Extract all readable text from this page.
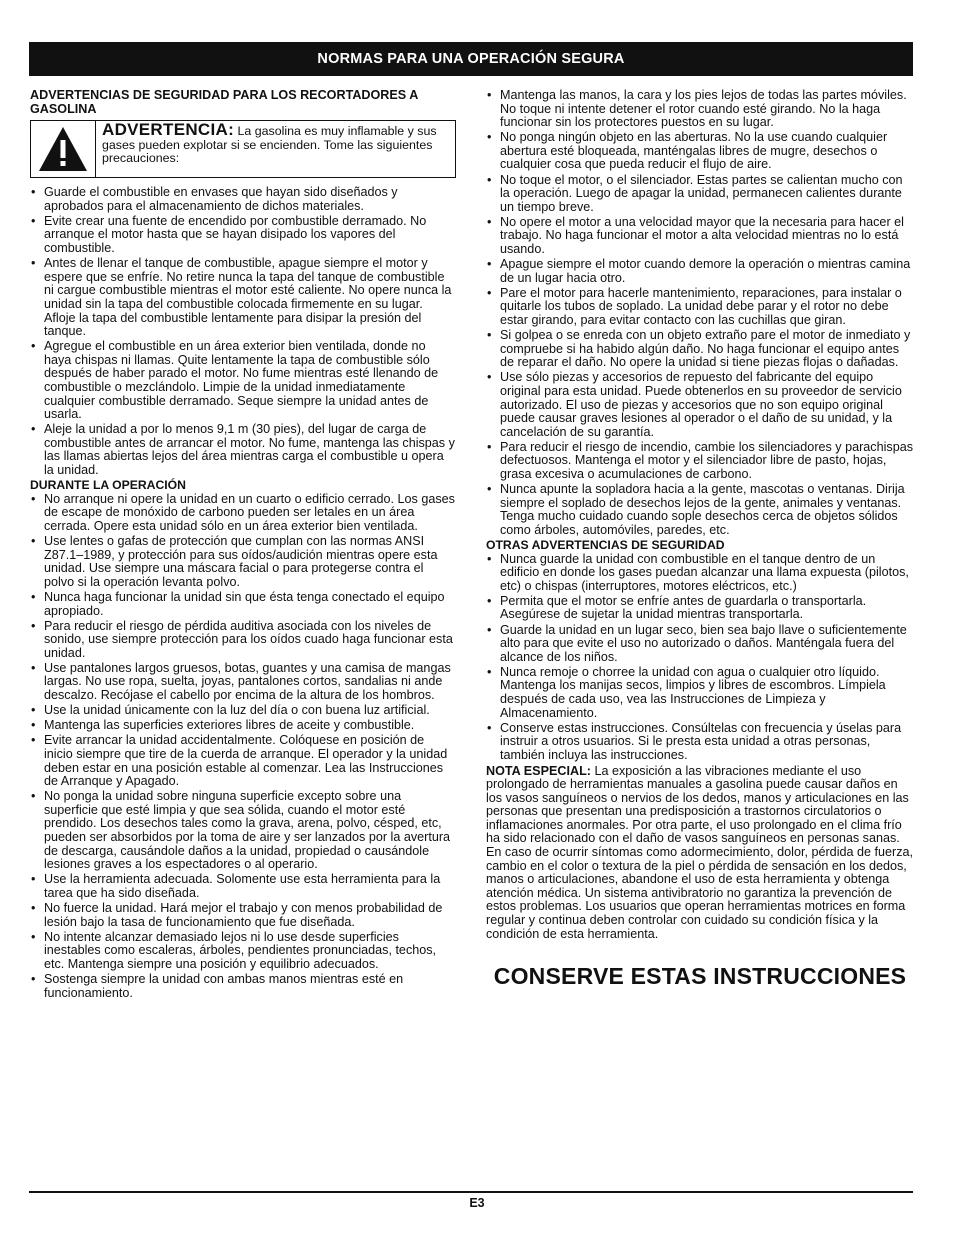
NORMAS PARA UNA OPERACIÓN SEGURA
ADVERTENCIAS DE SEGURIDAD PARA LOS RECORTADORES A GASOLINA
ADVERTENCIA: La gasolina es muy inflamable y sus gases pueden explotar si se encienden. Tome las siguientes precauciones:
• Guarde el combustible en envases que hayan sido diseñados y aprobados para el almacenamiento de dichos materiales.
• Evite crear una fuente de encendido por combustible derramado. No arranque el motor hasta que se hayan disipado los vapores del combustible.
• Antes de llenar el tanque de combustible, apague siempre el motor y espere que se enfríe. No retire nunca la tapa del tanque de combustible ni cargue combustible mientras el motor esté caliente. No opere nunca la unidad sin la tapa del combustible colocada firmemente en su lugar. Afloje la tapa del combustible lentamente para disipar la presión del tanque.
• Agregue el combustible en un área exterior bien ventilada, donde no haya chispas ni llamas. Quite lentamente la tapa de combustible sólo después de haber parado el motor. No fume mientras esté llenando de combustible o mezclándolo. Limpie de la unidad inmediatamente cualquier combustible derramado. Seque siempre la unidad antes de usarla.
• Aleje la unidad a por lo menos 9,1 m (30 pies), del lugar de carga de combustible antes de arrancar el motor. No fume, mantenga las chispas y las llamas abiertas lejos del área mientras carga el combustible u opera la unidad.
DURANTE LA OPERACIÓN
• No arranque ni opere la unidad en un cuarto o edificio cerrado. Los gases de escape de monóxido de carbono pueden ser letales en un área cerrada. Opere esta unidad sólo en un área exterior bien ventilada.
• Use lentes o gafas de protección que cumplan con las normas ANSI Z87.1–1989, y protección para sus oídos/audición mientras opere esta unidad. Use siempre una máscara facial o para protegerse contra el polvo si la operación levanta polvo.
• Nunca haga funcionar la unidad sin que ésta tenga conectado el equipo apropiado.
• Para reducir el riesgo de pérdida auditiva asociada con los niveles de sonido, use siempre protección para los oídos cuado haga funcionar esta unidad.
• Use pantalones largos gruesos, botas, guantes y una camisa de mangas largas. No use ropa, suelta, joyas, pantalones cortos, sandalias ni ande descalzo. Recójase el cabello por encima de la altura de los hombros.
• Use la unidad únicamente con la luz del día o con buena luz artificial.
• Mantenga las superficies exteriores libres de aceite y combustible.
• Evite arrancar la unidad accidentalmente. Colóquese en posición de inicio siempre que tire de la cuerda de arranque. El operador y la unidad deben estar en una posición estable al comenzar. Lea las Instrucciones de Arranque y Apagado.
• No ponga la unidad sobre ninguna superficie excepto sobre una superficie que esté limpia y que sea sólida, cuando el motor esté prendido. Los desechos tales como la grava, arena, polvo, césped, etc, pueden ser absorbidos por la toma de aire y ser lanzados por la avertura de descarga, causándole daños a la unidad, propiedad o causándole lesiones graves a los espectadores o al operario.
• Use la herramienta adecuada. Solomente use esta herramienta para la tarea que ha sido diseñada.
• No fuerce la unidad. Hará mejor el trabajo y con menos probabilidad de lesión bajo la tasa de funcionamiento que fue diseñada.
• No intente alcanzar demasiado lejos ni lo use desde superficies inestables como escaleras, árboles, pendientes pronunciadas, techos, etc. Mantenga siempre una posición y equilibrio adecuados.
• Sostenga siempre la unidad con ambas manos mientras esté en funcionamiento.
• Mantenga las manos, la cara y los pies lejos de todas las partes móviles. No toque ni intente detener el rotor cuando esté girando. No la haga funcionar sin los protectores puestos en su lugar.
• No ponga ningún objeto en las aberturas. No la use cuando cualquier abertura esté bloqueada, manténgalas libres de mugre, desechos o cualquier cosa que pueda reducir el flujo de aire.
• No toque el motor, o el silenciador. Estas partes se calientan mucho con la operación. Luego de apagar la unidad, permanecen calientes durante un tiempo breve.
• No opere el motor a una velocidad mayor que la necesaria para hacer el trabajo. No haga funcionar el motor a alta velocidad mientras no lo está usando.
• Apague siempre el motor cuando demore la operación o mientras camina de un lugar hacia otro.
• Pare el motor para hacerle mantenimiento, reparaciones, para instalar o quitarle los tubos de soplado. La unidad debe parar y el rotor no debe estar girando, para evitar contacto con las cuchillas que giran.
• Si golpea o se enreda con un objeto extraño pare el motor de inmediato y compruebe si ha habido algún daño. No haga funcionar el equipo antes de reparar el daño. No opere la unidad si tiene piezas flojas o dañadas.
• Use sólo piezas y accesorios de repuesto del fabricante del equipo original para esta unidad. Puede obtenerlos en su proveedor de servicio autorizado. El uso de piezas y accesorios que no son equipo original puede causar graves lesiones al operador o el daño de su unidad, y la cancelación de su garantía.
• Para reducir el riesgo de incendio, cambie los silenciadores y parachispas defectuosos. Mantenga el motor y el silenciador libre de pasto, hojas, grasa excesiva o acumulaciones de carbono.
• Nunca apunte la sopladora hacia a la gente, mascotas o ventanas. Dirija siempre el soplado de desechos lejos de la gente, animales y ventanas. Tenga mucho cuidado cuando sople desechos cerca de objetos sólidos como árboles, automóviles, paredes, etc.
OTRAS ADVERTENCIAS DE SEGURIDAD
• Nunca guarde la unidad con combustible en el tanque dentro de un edificio en donde los gases puedan alcanzar una llama expuesta (pilotos, etc) o chispas (interruptores, motores eléctricos, etc.)
• Permita que el motor se enfríe antes de guardarla o transportarla. Asegúrese de sujetar la unidad mientras transportarla.
• Guarde la unidad en un lugar seco, bien sea bajo llave o suficientemente alto para que evite el uso no autorizado o daños. Manténgala fuera del alcance de los niños.
• Nunca remoje o chorree la unidad con agua o cualquier otro líquido. Mantenga los manijas secos, limpios y libres de escombros. Límpiela después de cada uso, vea las Instrucciones de Limpieza y Almacenamiento.
• Conserve estas instrucciones. Consúltelas con frecuencia y úselas para instruir a otros usuarios. Si le presta esta unidad a otras personas, también incluya las instrucciones.
NOTA ESPECIAL: La exposición a las vibraciones mediante el uso prolongado de herramientas manuales a gasolina puede causar daños en los vasos sanguíneos o nervios de los dedos, manos y articulaciones en las personas que presentan una predisposición a trastornos circulatorios o inflamaciones anormales. Por otra parte, el uso prolongado en el clima frío ha sido relacionado con el daño de vasos sanguíneos en personas sanas. En caso de ocurrir síntomas como adormecimiento, dolor, pérdida de fuerza, cambio en el color o textura de la piel o pérdida de sensación en los dedos, manos o articulaciones, abandone el uso de esta herramienta y obtenga atención médica. Un sistema antivibratorio no garantiza la prevención de estos problemas. Los usuarios que operan herramientas motrices en forma regular y continua deben controlar con cuidado su condición física y la condición de esta herramienta.
CONSERVE ESTAS INSTRUCCIONES
E3
